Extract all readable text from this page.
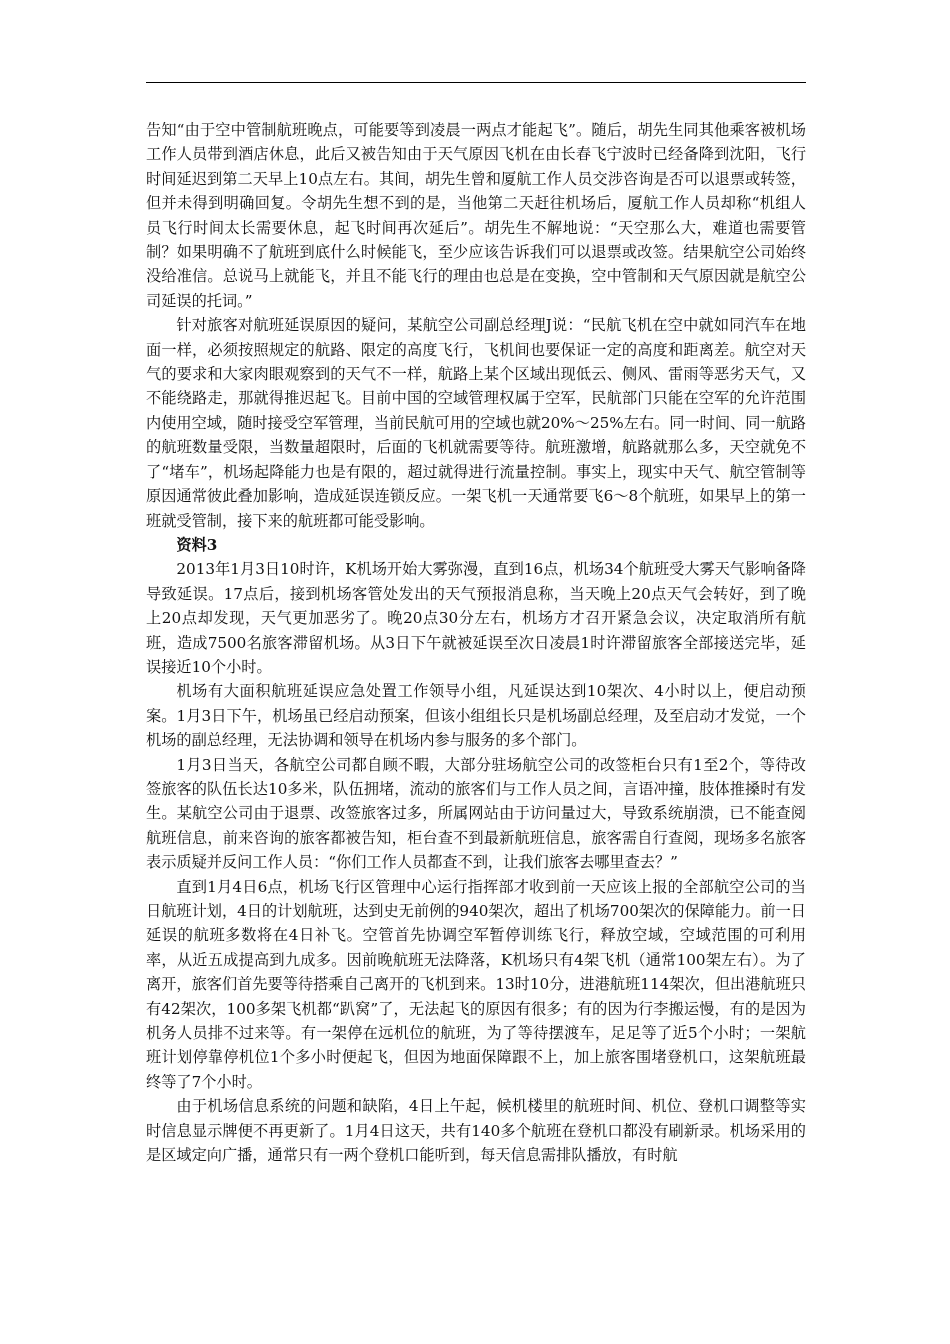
告知“由于空中管制航班晚点，可能要等到凌晨一两点才能起飞”。随后，胡先生同其他乘客被机场工作人员带到酒店休息，此后又被告知由于天气原因飞机在由长春飞宁波时已经备降到沈阳，飞行时间延迟到第二天早上10点左右。其间，胡先生曾和厦航工作人员交涉咨询是否可以退票或转签，但并未得到明确回复。令胡先生想不到的是，当他第二天赶往机场后，厦航工作人员却称“机组人员飞行时间太长需要休息，起飞时间再次延后”。胡先生不解地说：“天空那么大，难道也需要管制？如果明确不了航班到底什么时候能飞，至少应该告诉我们可以退票或改签。结果航空公司始终没给准信。总说马上就能飞，并且不能飞行的理由也总是在变换，空中管制和天气原因就是航空公司延误的托词。”

针对旅客对航班延误原因的疑问，某航空公司副总经理J说：“民航飞机在空中就如同汽车在地面一样，必须按照规定的航路、限定的高度飞行，飞机间也要保证一定的高度和距离差。航空对天气的要求和大家肉眼观察到的天气不一样，航路上某个区域出现低云、侧风、雷雨等恶劣天气，又不能绕路走，那就得推迟起飞。目前中国的空域管理权属于空军，民航部门只能在空军的允许范围内使用空域，随时接受空军管理，当前民航可用的空域也就20%～25%左右。同一时间、同一航路的航班数量受限，当数量超限时，后面的飞机就需要等待。航班激增，航路就那么多，天空就免不了“堵车”，机场起降能力也是有限的，超过就得进行流量控制。事实上，现实中天气、航空管制等原因通常彼此叠加影响，造成延误连锁反应。一架飞机一天通常要飞6～8个航班，如果早上的第一班就受管制，接下来的航班都可能受影响。

资料3

2013年1月3日10时许，K机场开始大雾弥漫，直到16点，机场34个航班受大雾天气影响备降导致延误。17点后，接到机场客管处发出的天气预报消息称，当天晚上20点天气会转好，到了晚上20点却发现，天气更加恶劣了。晚20点30分左右，机场方才召开紧急会议，决定取消所有航班，造成7500名旅客滞留机场。从3日下午就被延误至次日凌晨1时许滞留旅客全部接送完毕，延误接近10个小时。

机场有大面积航班延误应急处置工作领导小组，凡延误达到10架次、4小时以上，便启动预案。1月3日下午，机场虽已经启动预案，但该小组组长只是机场副总经理，及至启动才发觉，一个机场的副总经理，无法协调和领导在机场内参与服务的多个部门。

1月3日当天，各航空公司都自顾不暇，大部分驻场航空公司的改签柜台只有1至2个，等待改签旅客的队伍长达10多米，队伍拥堵，流动的旅客们与工作人员之间，言语冲撞，肢体推搡时有发生。某航空公司由于退票、改签旅客过多，所属网站由于访问量过大，导致系统崩溃，已不能查阅航班信息，前来咨询的旅客都被告知，柜台查不到最新航班信息，旅客需自行查阅，现场多名旅客表示质疑并反问工作人员：“你们工作人员都查不到，让我们旅客去哪里查去？”

直到1月4日6点，机场飞行区管理中心运行指挥部才收到前一天应该上报的全部航空公司的当日航班计划，4日的计划航班，达到史无前例的940架次，超出了机场700架次的保障能力。前一日延误的航班多数将在4日补飞。空管首先协调空军暂停训练飞行，释放空域，空域范围的可利用率，从近五成提高到九成多。因前晚航班无法降落，K机场只有4架飞机（通常100架左右）。为了离开，旅客们首先要等待搭乘自己离开的飞机到来。13时10分，进港航班114架次，但出港航班只有42架次，100多架飞机都“趴窝”了，无法起飞的原因有很多；有的因为行李搬运慢，有的是因为机务人员排不过来等。有一架停在远机位的航班，为了等待摆渡车，足足等了近5个小时；一架航班计划停靠停机位1个多小时便起飞，但因为地面保障跟不上，加上旅客围堵登机口，这架航班最终等了7个小时。

由于机场信息系统的问题和缺陷，4日上午起，候机楼里的航班时间、机位、登机口调整等实时信息显示牌便不再更新了。1月4日这天，共有140多个航班在登机口都没有刷新录。机场采用的是区域定向广播，通常只有一两个登机口能听到，每天信息需排队播放，有时航
